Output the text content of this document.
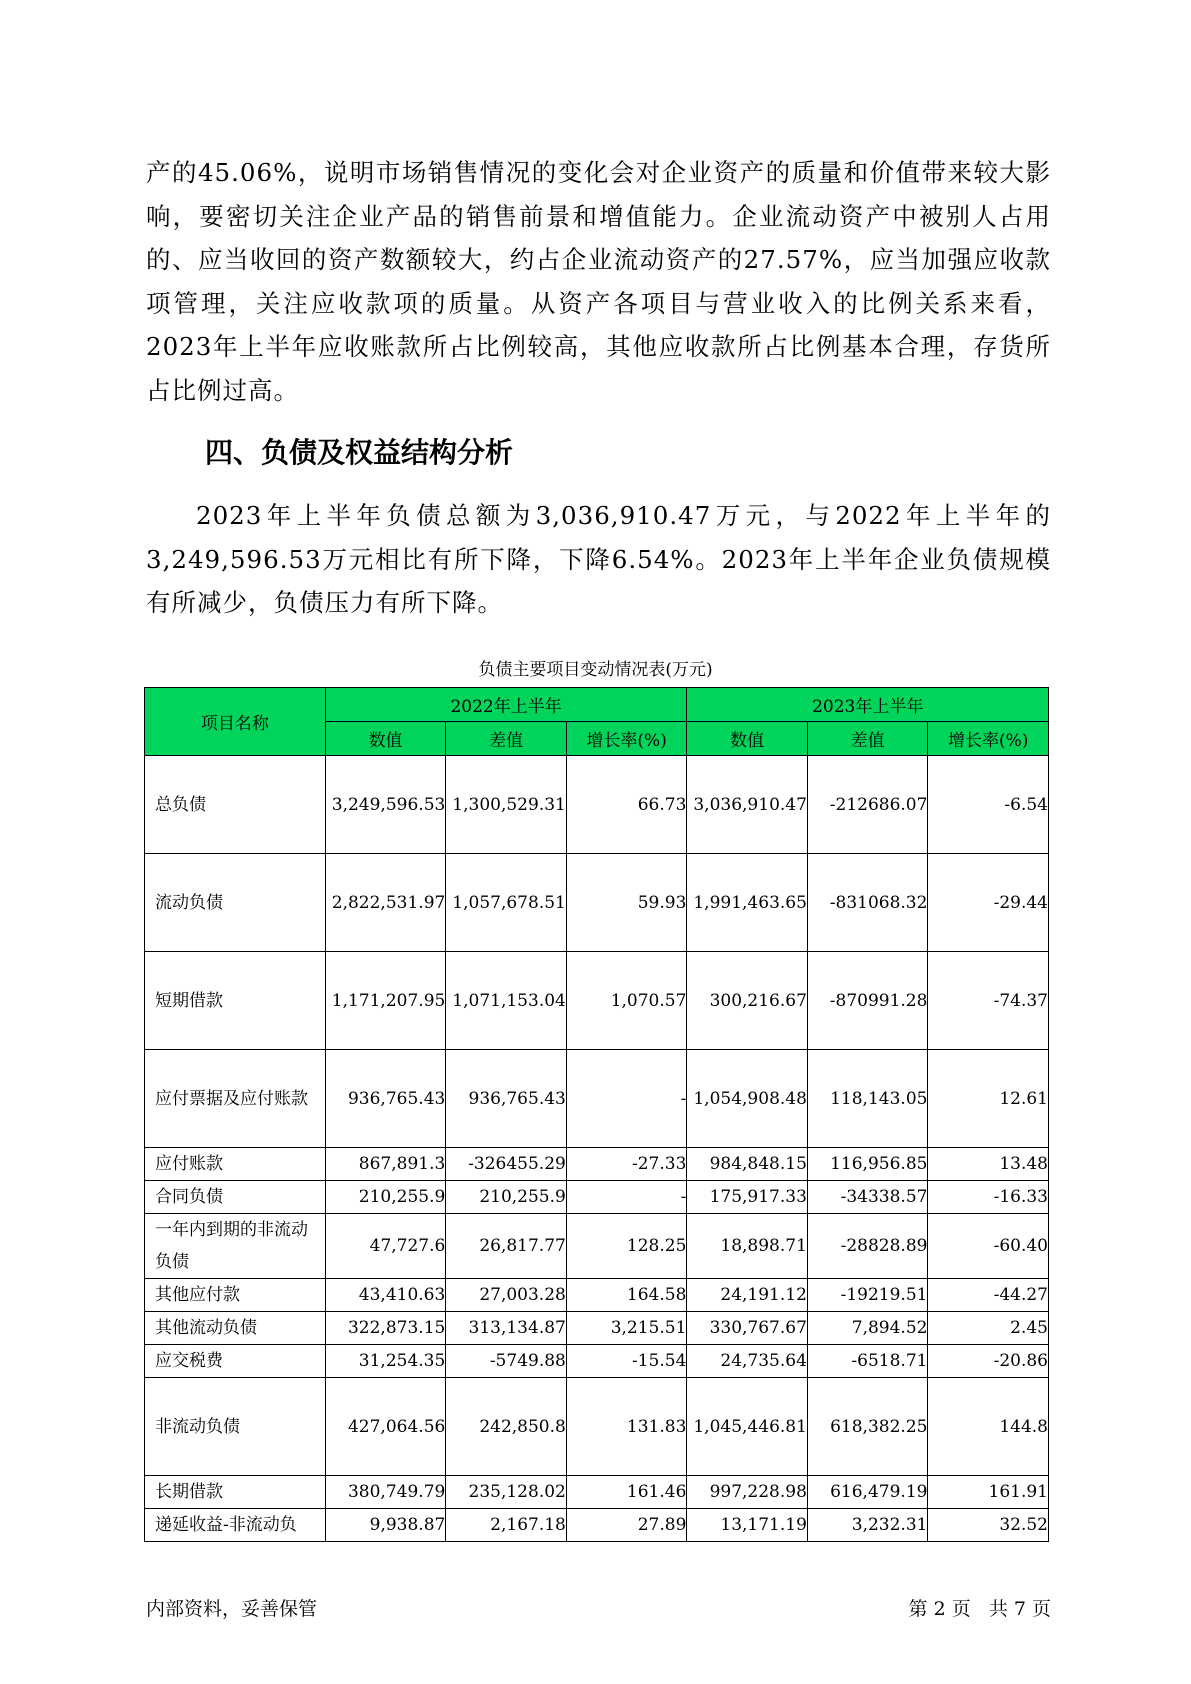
产的45.06%，说明市场销售情况的变化会对企业资产的质量和价值带来较大影响，要密切关注企业产品的销售前景和增值能力。企业流动资产中被别人占用的、应当收回的资产数额较大，约占企业流动资产的27.57%，应当加强应收款项管理，关注应收款项的质量。从资产各项目与营业收入的比例关系来看，2023年上半年应收账款所占比例较高，其他应收款所占比例基本合理，存货所占比例过高。

四、负债及权益结构分析

2023年上半年负债总额为3,036,910.47万元，与2022年上半年的3,249,596.53万元相比有所下降，下降6.54%。2023年上半年企业负债规模有所减少，负债压力有所下降。

负债主要项目变动情况表(万元)

项目名称	2022年上半年			2023年上半年		
	数值	差值	增长率(%)	数值	差值	增长率(%)
总负债	3,249,596.53	1,300,529.31	66.73	3,036,910.47	-212686.07	-6.54
流动负债	2,822,531.97	1,057,678.51	59.93	1,991,463.65	-831068.32	-29.44
短期借款	1,171,207.95	1,071,153.04	1,070.57	300,216.67	-870991.28	-74.37
应付票据及应付账款	936,765.43	936,765.43	-	1,054,908.48	118,143.05	12.61
应付账款	867,891.3	-326455.29	-27.33	984,848.15	116,956.85	13.48
合同负债	210,255.9	210,255.9	-	175,917.33	-34338.57	-16.33
一年内到期的非流动负债	47,727.6	26,817.77	128.25	18,898.71	-28828.89	-60.40
其他应付款	43,410.63	27,003.28	164.58	24,191.12	-19219.51	-44.27
其他流动负债	322,873.15	313,134.87	3,215.51	330,767.67	7,894.52	2.45
应交税费	31,254.35	-5749.88	-15.54	24,735.64	-6518.71	-20.86
非流动负债	427,064.56	242,850.8	131.83	1,045,446.81	618,382.25	144.8
长期借款	380,749.79	235,128.02	161.46	997,228.98	616,479.19	161.91
递延收益-非流动负	9,938.87	2,167.18	27.89	13,171.19	3,232.31	32.52

内部资料，妥善保管	第 2 页   共 7 页
